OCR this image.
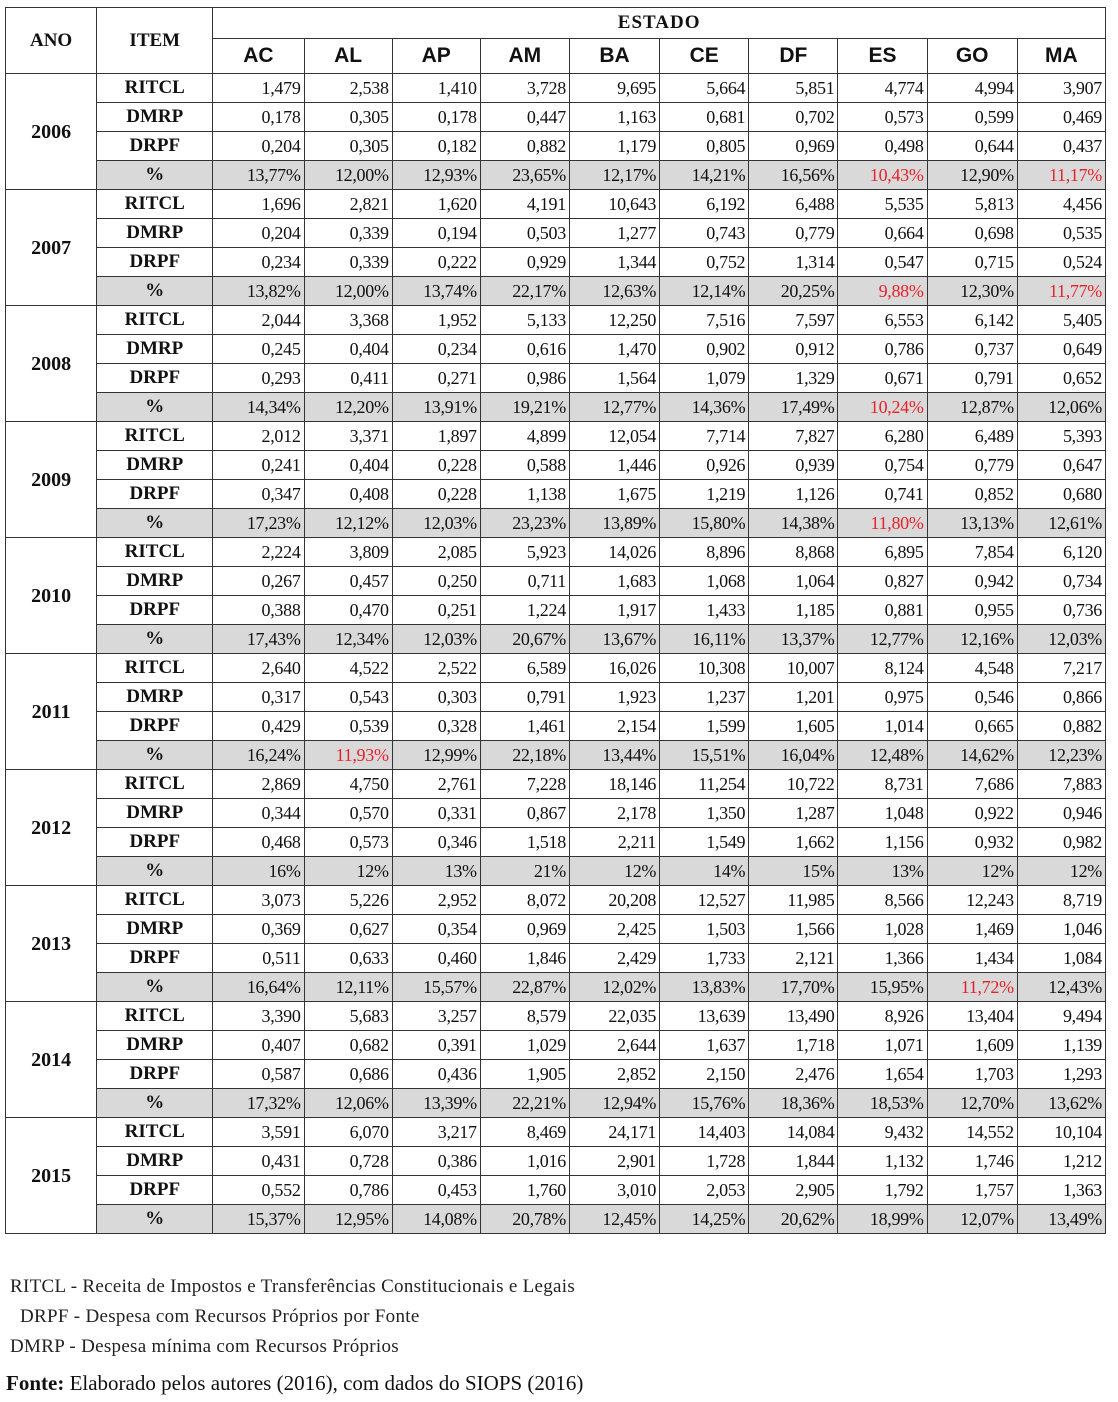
ANO	ITEM	ESTADO									
		AC	AL	AP	AM	BA	CE	DF	ES	GO	MA
2006	RITCL	1,479	2,538	1,410	3,728	9,695	5,664	5,851	4,774	4,994	3,907
	DMRP	0,178	0,305	0,178	0,447	1,163	0,681	0,702	0,573	0,599	0,469
	DRPF	0,204	0,305	0,182	0,882	1,179	0,805	0,969	0,498	0,644	0,437
	%	13,77%	12,00%	12,93%	23,65%	12,17%	14,21%	16,56%	10,43%	12,90%	11,17%
2007	RITCL	1,696	2,821	1,620	4,191	10,643	6,192	6,488	5,535	5,813	4,456
	DMRP	0,204	0,339	0,194	0,503	1,277	0,743	0,779	0,664	0,698	0,535
	DRPF	0,234	0,339	0,222	0,929	1,344	0,752	1,314	0,547	0,715	0,524
	%	13,82%	12,00%	13,74%	22,17%	12,63%	12,14%	20,25%	9,88%	12,30%	11,77%
2008	RITCL	2,044	3,368	1,952	5,133	12,250	7,516	7,597	6,553	6,142	5,405
	DMRP	0,245	0,404	0,234	0,616	1,470	0,902	0,912	0,786	0,737	0,649
	DRPF	0,293	0,411	0,271	0,986	1,564	1,079	1,329	0,671	0,791	0,652
	%	14,34%	12,20%	13,91%	19,21%	12,77%	14,36%	17,49%	10,24%	12,87%	12,06%
2009	RITCL	2,012	3,371	1,897	4,899	12,054	7,714	7,827	6,280	6,489	5,393
	DMRP	0,241	0,404	0,228	0,588	1,446	0,926	0,939	0,754	0,779	0,647
	DRPF	0,347	0,408	0,228	1,138	1,675	1,219	1,126	0,741	0,852	0,680
	%	17,23%	12,12%	12,03%	23,23%	13,89%	15,80%	14,38%	11,80%	13,13%	12,61%
2010	RITCL	2,224	3,809	2,085	5,923	14,026	8,896	8,868	6,895	7,854	6,120
	DMRP	0,267	0,457	0,250	0,711	1,683	1,068	1,064	0,827	0,942	0,734
	DRPF	0,388	0,470	0,251	1,224	1,917	1,433	1,185	0,881	0,955	0,736
	%	17,43%	12,34%	12,03%	20,67%	13,67%	16,11%	13,37%	12,77%	12,16%	12,03%
2011	RITCL	2,640	4,522	2,522	6,589	16,026	10,308	10,007	8,124	4,548	7,217
	DMRP	0,317	0,543	0,303	0,791	1,923	1,237	1,201	0,975	0,546	0,866
	DRPF	0,429	0,539	0,328	1,461	2,154	1,599	1,605	1,014	0,665	0,882
	%	16,24%	11,93%	12,99%	22,18%	13,44%	15,51%	16,04%	12,48%	14,62%	12,23%
2012	RITCL	2,869	4,750	2,761	7,228	18,146	11,254	10,722	8,731	7,686	7,883
	DMRP	0,344	0,570	0,331	0,867	2,178	1,350	1,287	1,048	0,922	0,946
	DRPF	0,468	0,573	0,346	1,518	2,211	1,549	1,662	1,156	0,932	0,982
	%	16%	12%	13%	21%	12%	14%	15%	13%	12%	12%
2013	RITCL	3,073	5,226	2,952	8,072	20,208	12,527	11,985	8,566	12,243	8,719
	DMRP	0,369	0,627	0,354	0,969	2,425	1,503	1,566	1,028	1,469	1,046
	DRPF	0,511	0,633	0,460	1,846	2,429	1,733	2,121	1,366	1,434	1,084
	%	16,64%	12,11%	15,57%	22,87%	12,02%	13,83%	17,70%	15,95%	11,72%	12,43%
2014	RITCL	3,390	5,683	3,257	8,579	22,035	13,639	13,490	8,926	13,404	9,494
	DMRP	0,407	0,682	0,391	1,029	2,644	1,637	1,718	1,071	1,609	1,139
	DRPF	0,587	0,686	0,436	1,905	2,852	2,150	2,476	1,654	1,703	1,293
	%	17,32%	12,06%	13,39%	22,21%	12,94%	15,76%	18,36%	18,53%	12,70%	13,62%
2015	RITCL	3,591	6,070	3,217	8,469	24,171	14,403	14,084	9,432	14,552	10,104
	DMRP	0,431	0,728	0,386	1,016	2,901	1,728	1,844	1,132	1,746	1,212
	DRPF	0,552	0,786	0,453	1,760	3,010	2,053	2,905	1,792	1,757	1,363
	%	15,37%	12,95%	14,08%	20,78%	12,45%	14,25%	20,62%	18,99%	12,07%	13,49%
RITCL - Receita de Impostos e Transferências Constitucionais e Legais
DRPF - Despesa com Recursos Próprios por Fonte
DMRP - Despesa mínima com Recursos Próprios
Fonte: Elaborado pelos autores (2016), com dados do SIOPS (2016)
